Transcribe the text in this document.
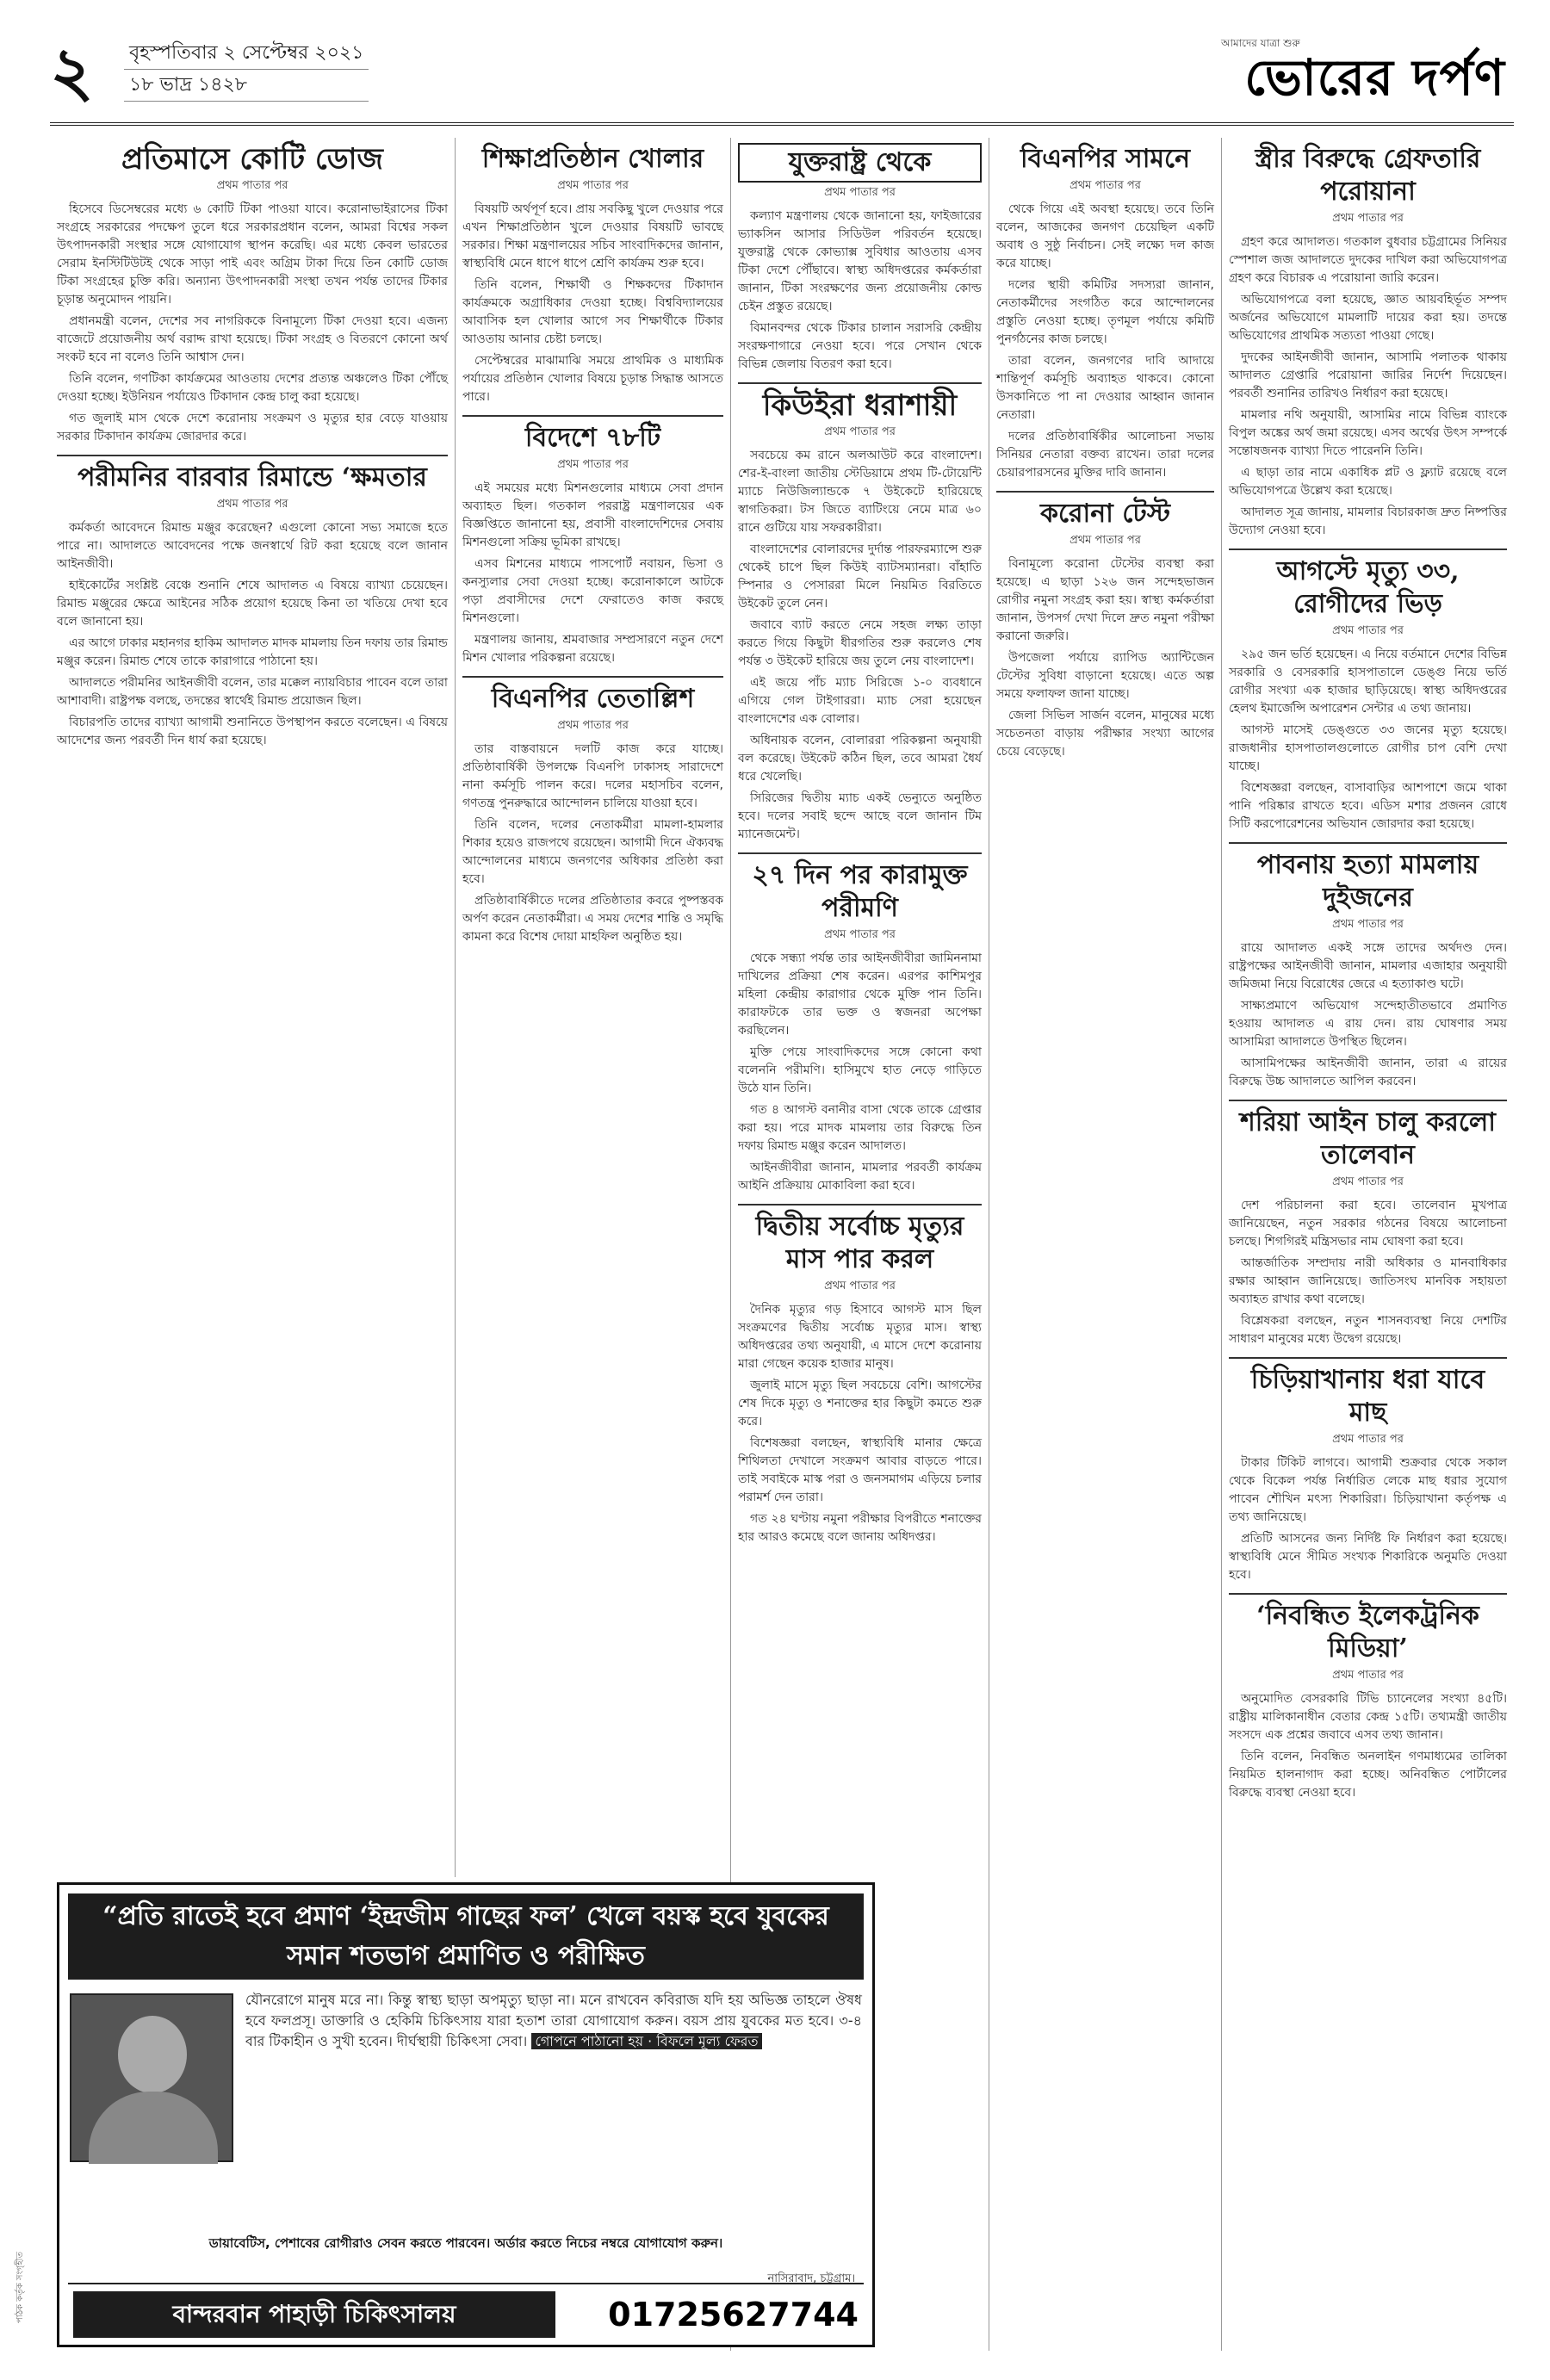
২	বৃহস্পতিবার ২ সেপ্টেম্বর ২০২১
১৮ ভাদ্র ১৪২৮
আমাদের যাত্রা শুরু
ভোরের দর্পণ
প্রতিমাসে কোটি ডোজ
প্রথম পাতার পর

হিসেবে ডিসেম্বরের মধ্যে ৬ কোটি টিকা পাওয়া যাবে। করোনাভাইরাসের টিকা সংগ্রহে সরকারের পদক্ষেপ তুলে ধরে সরকারপ্রধান বলেন, আমরা বিশ্বের সকল উৎপাদনকারী সংস্থার সঙ্গে যোগাযোগ স্থাপন করেছি। এর মধ্যে কেবল ভারতের সেরাম ইনস্টিটিউটই থেকে সাড়া পাই এবং অগ্রিম টাকা দিয়ে তিন কোটি ডোজ টিকা সংগ্রহের চুক্তি করি। অন্যান্য উৎপাদনকারী সংস্থা তখন পর্যন্ত তাদের টিকার চূড়ান্ত অনুমোদন পায়নি।

প্রধানমন্ত্রী বলেন, দেশের সব নাগরিককে বিনামূল্যে টিকা দেওয়া হবে। এজন্য বাজেটে প্রয়োজনীয় অর্থ বরাদ্দ রাখা হয়েছে। টিকা সংগ্রহ ও বিতরণে কোনো অর্থ সংকট হবে না বলেও তিনি আশ্বাস দেন।

তিনি বলেন, গণটিকা কার্যক্রমের আওতায় দেশের প্রত্যন্ত অঞ্চলেও টিকা পৌঁছে দেওয়া হচ্ছে। ইউনিয়ন পর্যায়েও টিকাদান কেন্দ্র চালু করা হয়েছে।

গত জুলাই মাস থেকে দেশে করোনায় সংক্রমণ ও মৃত্যুর হার বেড়ে যাওয়ায় সরকার টিকাদান কার্যক্রম জোরদার করে।

পরীমনির বারবার রিমান্ডে ‘ক্ষমতার
প্রথম পাতার পর

কর্মকর্তা আবেদনে রিমান্ড মঞ্জুর করেছেন? এগুলো কোনো সভ্য সমাজে হতে পারে না। আদালতে আবেদনের পক্ষে জনস্বার্থে রিট করা হয়েছে বলে জানান আইনজীবী।

হাইকোর্টের সংশ্লিষ্ট বেঞ্চে শুনানি শেষে আদালত এ বিষয়ে ব্যাখ্যা চেয়েছেন। রিমান্ড মঞ্জুরের ক্ষেত্রে আইনের সঠিক প্রয়োগ হয়েছে কিনা তা খতিয়ে দেখা হবে বলে জানানো হয়।

এর আগে ঢাকার মহানগর হাকিম আদালত মাদক মামলায় তিন দফায় তার রিমান্ড মঞ্জুর করেন। রিমান্ড শেষে তাকে কারাগারে পাঠানো হয়।

আদালতে পরীমনির আইনজীবী বলেন, তার মক্কেল ন্যায়বিচার পাবেন বলে তারা আশাবাদী। রাষ্ট্রপক্ষ বলছে, তদন্তের স্বার্থেই রিমান্ড প্রয়োজন ছিল।

বিচারপতি তাদের ব্যাখ্যা আগামী শুনানিতে উপস্থাপন করতে বলেছেন। এ বিষয়ে আদেশের জন্য পরবর্তী দিন ধার্য করা হয়েছে।

শিক্ষাপ্রতিষ্ঠান খোলার
প্রথম পাতার পর

বিষয়টি অর্থপূর্ণ হবে। প্রায় সবকিছু খুলে দেওয়ার পরে এখন শিক্ষাপ্রতিষ্ঠান খুলে দেওয়ার বিষয়টি ভাবছে সরকার। শিক্ষা মন্ত্রণালয়ের সচিব সাংবাদিকদের জানান, স্বাস্থ্যবিধি মেনে ধাপে ধাপে শ্রেণি কার্যক্রম শুরু হবে।

তিনি বলেন, শিক্ষার্থী ও শিক্ষকদের টিকাদান কার্যক্রমকে অগ্রাধিকার দেওয়া হচ্ছে। বিশ্ববিদ্যালয়ের আবাসিক হল খোলার আগে সব শিক্ষার্থীকে টিকার আওতায় আনার চেষ্টা চলছে।

সেপ্টেম্বরের মাঝামাঝি সময়ে প্রাথমিক ও মাধ্যমিক পর্যায়ের প্রতিষ্ঠান খোলার বিষয়ে চূড়ান্ত সিদ্ধান্ত আসতে পারে।

বিদেশে ৭৮টি
প্রথম পাতার পর

এই সময়ের মধ্যে মিশনগুলোর মাধ্যমে সেবা প্রদান অব্যাহত ছিল। গতকাল পররাষ্ট্র মন্ত্রণালয়ের এক বিজ্ঞপ্তিতে জানানো হয়, প্রবাসী বাংলাদেশিদের সেবায় মিশনগুলো সক্রিয় ভূমিকা রাখছে।

এসব মিশনের মাধ্যমে পাসপোর্ট নবায়ন, ভিসা ও কনস্যুলার সেবা দেওয়া হচ্ছে। করোনাকালে আটকে পড়া প্রবাসীদের দেশে ফেরাতেও কাজ করছে মিশনগুলো।

মন্ত্রণালয় জানায়, শ্রমবাজার সম্প্রসারণে নতুন দেশে মিশন খোলার পরিকল্পনা রয়েছে।

বিএনপির তেতাল্লিশ
প্রথম পাতার পর

তার বাস্তবায়নে দলটি কাজ করে যাচ্ছে। প্রতিষ্ঠাবার্ষিকী উপলক্ষে বিএনপি ঢাকাসহ সারাদেশে নানা কর্মসূচি পালন করে। দলের মহাসচিব বলেন, গণতন্ত্র পুনরুদ্ধারে আন্দোলন চালিয়ে যাওয়া হবে।

তিনি বলেন, দলের নেতাকর্মীরা মামলা-হামলার শিকার হয়েও রাজপথে রয়েছেন। আগামী দিনে ঐক্যবদ্ধ আন্দোলনের মাধ্যমে জনগণের অধিকার প্রতিষ্ঠা করা হবে।

প্রতিষ্ঠাবার্ষিকীতে দলের প্রতিষ্ঠাতার কবরে পুষ্পস্তবক অর্পণ করেন নেতাকর্মীরা। এ সময় দেশের শান্তি ও সমৃদ্ধি কামনা করে বিশেষ দোয়া মাহফিল অনুষ্ঠিত হয়।

যুক্তরাষ্ট্র থেকে
প্রথম পাতার পর

কল্যাণ মন্ত্রণালয় থেকে জানানো হয়, ফাইজারের ভ্যাকসিন আসার সিডিউল পরিবর্তন হয়েছে। যুক্তরাষ্ট্র থেকে কোভ্যাক্স সুবিধার আওতায় এসব টিকা দেশে পৌঁছাবে। স্বাস্থ্য অধিদপ্তরের কর্মকর্তারা জানান, টিকা সংরক্ষণের জন্য প্রয়োজনীয় কোল্ড চেইন প্রস্তুত রয়েছে।

বিমানবন্দর থেকে টিকার চালান সরাসরি কেন্দ্রীয় সংরক্ষণাগারে নেওয়া হবে। পরে সেখান থেকে বিভিন্ন জেলায় বিতরণ করা হবে।

কিউইরা ধরাশায়ী
প্রথম পাতার পর

সবচেয়ে কম রানে অলআউট করে বাংলাদেশ। শের-ই-বাংলা জাতীয় স্টেডিয়ামে প্রথম টি-টোয়েন্টি ম্যাচে নিউজিল্যান্ডকে ৭ উইকেটে হারিয়েছে স্বাগতিকরা। টস জিতে ব্যাটিংয়ে নেমে মাত্র ৬০ রানে গুটিয়ে যায় সফরকারীরা।

বাংলাদেশের বোলারদের দুর্দান্ত পারফরম্যান্সে শুরু থেকেই চাপে ছিল কিউই ব্যাটসম্যানরা। বাঁহাতি স্পিনার ও পেসাররা মিলে নিয়মিত বিরতিতে উইকেট তুলে নেন।

জবাবে ব্যাট করতে নেমে সহজ লক্ষ্য তাড়া করতে গিয়ে কিছুটা ধীরগতির শুরু করলেও শেষ পর্যন্ত ৩ উইকেট হারিয়ে জয় তুলে নেয় বাংলাদেশ।

এই জয়ে পাঁচ ম্যাচ সিরিজে ১-০ ব্যবধানে এগিয়ে গেল টাইগাররা। ম্যাচ সেরা হয়েছেন বাংলাদেশের এক বোলার।

অধিনায়ক বলেন, বোলাররা পরিকল্পনা অনুযায়ী বল করেছে। উইকেট কঠিন ছিল, তবে আমরা ধৈর্য ধরে খেলেছি।

সিরিজের দ্বিতীয় ম্যাচ একই ভেন্যুতে অনুষ্ঠিত হবে। দলের সবাই ছন্দে আছে বলে জানান টিম ম্যানেজমেন্ট।

২৭ দিন পর কারামুক্ত পরীমণি
প্রথম পাতার পর

থেকে সন্ধ্যা পর্যন্ত তার আইনজীবীরা জামিননামা দাখিলের প্রক্রিয়া শেষ করেন। এরপর কাশিমপুর মহিলা কেন্দ্রীয় কারাগার থেকে মুক্তি পান তিনি। কারাফটকে তার ভক্ত ও স্বজনরা অপেক্ষা করছিলেন।

মুক্তি পেয়ে সাংবাদিকদের সঙ্গে কোনো কথা বলেননি পরীমণি। হাসিমুখে হাত নেড়ে গাড়িতে উঠে যান তিনি।

গত ৪ আগস্ট বনানীর বাসা থেকে তাকে গ্রেপ্তার করা হয়। পরে মাদক মামলায় তার বিরুদ্ধে তিন দফায় রিমান্ড মঞ্জুর করেন আদালত।

আইনজীবীরা জানান, মামলার পরবর্তী কার্যক্রম আইনি প্রক্রিয়ায় মোকাবিলা করা হবে।

দ্বিতীয় সর্বোচ্চ মৃত্যুর মাস পার করল
প্রথম পাতার পর

দৈনিক মৃত্যুর গড় হিসাবে আগস্ট মাস ছিল সংক্রমণের দ্বিতীয় সর্বোচ্চ মৃত্যুর মাস। স্বাস্থ্য অধিদপ্তরের তথ্য অনুযায়ী, এ মাসে দেশে করোনায় মারা গেছেন কয়েক হাজার মানুষ।

জুলাই মাসে মৃত্যু ছিল সবচেয়ে বেশি। আগস্টের শেষ দিকে মৃত্যু ও শনাক্তের হার কিছুটা কমতে শুরু করে।

বিশেষজ্ঞরা বলছেন, স্বাস্থ্যবিধি মানার ক্ষেত্রে শিথিলতা দেখালে সংক্রমণ আবার বাড়তে পারে। তাই সবাইকে মাস্ক পরা ও জনসমাগম এড়িয়ে চলার পরামর্শ দেন তারা।

গত ২৪ ঘণ্টায় নমুনা পরীক্ষার বিপরীতে শনাক্তের হার আরও কমেছে বলে জানায় অধিদপ্তর।

বিএনপির সামনে
প্রথম পাতার পর

থেকে গিয়ে এই অবস্থা হয়েছে। তবে তিনি বলেন, আজকের জনগণ চেয়েছিল একটি অবাধ ও সুষ্ঠু নির্বাচন। সেই লক্ষ্যে দল কাজ করে যাচ্ছে।

দলের স্থায়ী কমিটির সদস্যরা জানান, নেতাকর্মীদের সংগঠিত করে আন্দোলনের প্রস্তুতি নেওয়া হচ্ছে। তৃণমূল পর্যায়ে কমিটি পুনর্গঠনের কাজ চলছে।

তারা বলেন, জনগণের দাবি আদায়ে শান্তিপূর্ণ কর্মসূচি অব্যাহত থাকবে। কোনো উসকানিতে পা না দেওয়ার আহ্বান জানান নেতারা।

দলের প্রতিষ্ঠাবার্ষিকীর আলোচনা সভায় সিনিয়র নেতারা বক্তব্য রাখেন। তারা দলের চেয়ারপারসনের মুক্তির দাবি জানান।

করোনা টেস্ট
প্রথম পাতার পর

বিনামূল্যে করোনা টেস্টের ব্যবস্থা করা হয়েছে। এ ছাড়া ১২৬ জন সন্দেহভাজন রোগীর নমুনা সংগ্রহ করা হয়। স্বাস্থ্য কর্মকর্তারা জানান, উপসর্গ দেখা দিলে দ্রুত নমুনা পরীক্ষা করানো জরুরি।

উপজেলা পর্যায়ে র‍্যাপিড অ্যান্টিজেন টেস্টের সুবিধা বাড়ানো হয়েছে। এতে অল্প সময়ে ফলাফল জানা যাচ্ছে।

জেলা সিভিল সার্জন বলেন, মানুষের মধ্যে সচেতনতা বাড়ায় পরীক্ষার সংখ্যা আগের চেয়ে বেড়েছে।

স্ত্রীর বিরুদ্ধে গ্রেফতারি পরোয়ানা
প্রথম পাতার পর

গ্রহণ করে আদালত। গতকাল বুধবার চট্টগ্রামের সিনিয়র স্পেশাল জজ আদালতে দুদকের দাখিল করা অভিযোগপত্র গ্রহণ করে বিচারক এ পরোয়ানা জারি করেন।

অভিযোগপত্রে বলা হয়েছে, জ্ঞাত আয়বহির্ভূত সম্পদ অর্জনের অভিযোগে মামলাটি দায়ের করা হয়। তদন্তে অভিযোগের প্রাথমিক সত্যতা পাওয়া গেছে।

দুদকের আইনজীবী জানান, আসামি পলাতক থাকায় আদালত গ্রেপ্তারি পরোয়ানা জারির নির্দেশ দিয়েছেন। পরবর্তী শুনানির তারিখও নির্ধারণ করা হয়েছে।

মামলার নথি অনুযায়ী, আসামির নামে বিভিন্ন ব্যাংকে বিপুল অঙ্কের অর্থ জমা রয়েছে। এসব অর্থের উৎস সম্পর্কে সন্তোষজনক ব্যাখ্যা দিতে পারেননি তিনি।

এ ছাড়া তার নামে একাধিক প্লট ও ফ্ল্যাট রয়েছে বলে অভিযোগপত্রে উল্লেখ করা হয়েছে।

আদালত সূত্র জানায়, মামলার বিচারকাজ দ্রুত নিষ্পত্তির উদ্যোগ নেওয়া হবে।

আগস্টে মৃত্যু ৩৩, রোগীদের ভিড়
প্রথম পাতার পর

২৯৫ জন ভর্তি হয়েছেন। এ নিয়ে বর্তমানে দেশের বিভিন্ন সরকারি ও বেসরকারি হাসপাতালে ডেঙ্গু নিয়ে ভর্তি রোগীর সংখ্যা এক হাজার ছাড়িয়েছে। স্বাস্থ্য অধিদপ্তরের হেলথ ইমার্জেন্সি অপারেশন সেন্টার এ তথ্য জানায়।

আগস্ট মাসেই ডেঙ্গুতে ৩৩ জনের মৃত্যু হয়েছে। রাজধানীর হাসপাতালগুলোতে রোগীর চাপ বেশি দেখা যাচ্ছে।

বিশেষজ্ঞরা বলছেন, বাসাবাড়ির আশপাশে জমে থাকা পানি পরিষ্কার রাখতে হবে। এডিস মশার প্রজনন রোধে সিটি করপোরেশনের অভিযান জোরদার করা হয়েছে।

পাবনায় হত্যা মামলায় দুইজনের
প্রথম পাতার পর

রায়ে আদালত একই সঙ্গে তাদের অর্থদণ্ড দেন। রাষ্ট্রপক্ষের আইনজীবী জানান, মামলার এজাহার অনুযায়ী জমিজমা নিয়ে বিরোধের জেরে এ হত্যাকাণ্ড ঘটে।

সাক্ষ্যপ্রমাণে অভিযোগ সন্দেহাতীতভাবে প্রমাণিত হওয়ায় আদালত এ রায় দেন। রায় ঘোষণার সময় আসামিরা আদালতে উপস্থিত ছিলেন।

আসামিপক্ষের আইনজীবী জানান, তারা এ রায়ের বিরুদ্ধে উচ্চ আদালতে আপিল করবেন।

শরিয়া আইন চালু করলো তালেবান
প্রথম পাতার পর

দেশ পরিচালনা করা হবে। তালেবান মুখপাত্র জানিয়েছেন, নতুন সরকার গঠনের বিষয়ে আলোচনা চলছে। শিগগিরই মন্ত্রিসভার নাম ঘোষণা করা হবে।

আন্তর্জাতিক সম্প্রদায় নারী অধিকার ও মানবাধিকার রক্ষার আহ্বান জানিয়েছে। জাতিসংঘ মানবিক সহায়তা অব্যাহত রাখার কথা বলেছে।

বিশ্লেষকরা বলছেন, নতুন শাসনব্যবস্থা নিয়ে দেশটির সাধারণ মানুষের মধ্যে উদ্বেগ রয়েছে।

চিড়িয়াখানায় ধরা যাবে মাছ
প্রথম পাতার পর

টাকার টিকিট লাগবে। আগামী শুক্রবার থেকে সকাল থেকে বিকেল পর্যন্ত নির্ধারিত লেকে মাছ ধরার সুযোগ পাবেন শৌখিন মৎস্য শিকারিরা। চিড়িয়াখানা কর্তৃপক্ষ এ তথ্য জানিয়েছে।

প্রতিটি আসনের জন্য নির্দিষ্ট ফি নির্ধারণ করা হয়েছে। স্বাস্থ্যবিধি মেনে সীমিত সংখ্যক শিকারিকে অনুমতি দেওয়া হবে।

‘নিবন্ধিত ইলেকট্রনিক মিডিয়া’
প্রথম পাতার পর

অনুমোদিত বেসরকারি টিভি চ্যানেলের সংখ্যা ৪৫টি। রাষ্ট্রীয় মালিকানাধীন বেতার কেন্দ্র ১৫টি। তথ্যমন্ত্রী জাতীয় সংসদে এক প্রশ্নের জবাবে এসব তথ্য জানান।

তিনি বলেন, নিবন্ধিত অনলাইন গণমাধ্যমের তালিকা নিয়মিত হালনাগাদ করা হচ্ছে। অনিবন্ধিত পোর্টালের বিরুদ্ধে ব্যবস্থা নেওয়া হবে।

“প্রতি রাতেই হবে প্রমাণ ‘ইন্দ্রজীম গাছের ফল’ খেলে বয়স্ক হবে যুবকের সমান শতভাগ প্রমাণিত ও পরীক্ষিত
যৌনরোগে মানুষ মরে না। কিন্তু স্বাস্থ্য ছাড়া অপমৃত্যু ছাড়া না। মনে রাখবেন কবিরাজ যদি হয় অভিজ্ঞ তাহলে ঔষধ হবে ফলপ্রসূ। ডাক্তারি ও হেকিমি চিকিৎসায় যারা হতাশ তারা যোগাযোগ করুন। বয়স প্রায় যুবকের মত হবে। ৩-৪ বার টিকাহীন ও সুখী হবেন। দীর্ঘস্থায়ী চিকিৎসা সেবা। গোপনে পাঠানো হয় · বিফলে মূল্য ফেরত
ডায়াবেটিস, পেশাবের রোগীরাও সেবন করতে পারবেন। অর্ডার করতে নিচের নম্বরে যোগাযোগ করুন।
বান্দরবান পাহাড়ী চিকিৎসালয়	01725627744
নাসিরাবাদ, চট্টগ্রাম।
পাঠক কর্তৃক সংগৃহীত
